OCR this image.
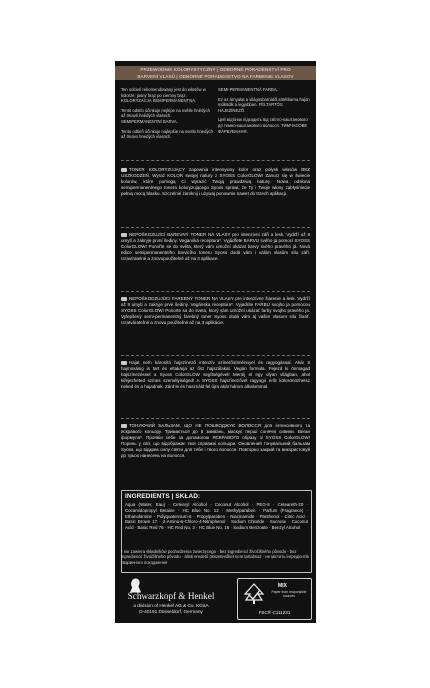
PRZEWODNIK KOLORYSTYCZNY | ODBORNÉ PORADENSTVÍ PRO
BARVENÍ VLASŮ | ODBORNÉ PORADENSTVO NA FARBENIE VLASOV

Ten odcień rekomendowany jest do włosów w kolorze: jasny brąz po ciemny brąz. KOLORYZACJA SEMIPERMANENTNA.

Tento odstín účinkuje nejlépe na světle hnědých až tmavě hnědých vlasech. SEMIPERMANENTNÍ BARVA.

Tento odtieň účinkuje najlepšie na svetlo hnedých až tmavo hnedých vlasoch.

SEMI-PERMANENTNÁ FARBA.

Ez az árnyalat a világosbarnától sötétbarna hajon működik a legjobban. FÉLTARTÓS HAJSZÍNEZŐ.

Цей відтінок підходить від світло-каштанового до темно-каштанового волосся. ТИМЧАСОВЕ ФАРБУВАННЯ.

TONER KOLORYZUJĄCY zapewnia intensywny kolor oraz połysk włosów BEZ USZKODZEŃ. Wyraź KOLOR swojej natury z SYOSS ColorGLOW! Zanurz się w świecie kolorów, które pomogą Ci wyrazić Twoją prawdziwą naturę. Nowa odsłona semipermanentnego tonera koloryzującego Syoss sprawi, że Ty i Twoje włosy zabłyśniecie pełnią mocą blasku. Szczelnie zamknij i używaj ponownie nawet do trzech aplikacji.
NEPOŠKOZUJÍCÍ BAREVNÝ TONER NA VLASY pro intenzivní záři a lesk. Vydrží až 8 umytí a zakryje první šediny. Veganská receptura*. Vyjádřete BARVU svého já pomocí SYOSS ColorGLOW! Ponořte se do světa, který vám umožní ukázat barvy svého pravého já. Nová edice semipermanentního barvicího toneru Syoss dodá vám i vašim vlasům sílu září. Uzavíratelné a znovupoužitelné až na 3 aplikace.
NEPOŠKODZUJÚCI FAREBNÝ TONER NA VLASY pre intenzívne žiarenie a lesk. Vydrží až 8 umytí a zakryje prvé šediny. Vegánska receptúra*. Vyjadrite FARBU svojho ja pomocou SYOSS ColorGLOW! Ponorte sa do sveta, ktorý vám umožní ukázať farby svojho pravého ja. Vylepšený semi-permanentný farebný toner Syoss dodá vám aj vašim vlasom silu žiariť. Uzatvárateľné a znovu použiteľné až na 3 aplikácie.
Hajat nem károsító hajszínező intenzív színerősítménnyel és ragyogással. Akár 8 hajmosásig is tart és eltakarja az ősz hajszálakat. Vegán formula. Fejezd ki önmagad hajszínezéssel a Syoss ColorGLOW segítségével! Merülj el egy olyan világban, ahol kifejezheted színes személyiséged! A SYOSS hajszínezővel ragyogó erőt kölcsönözhetsz neked és a hajadnak. Zárd le és használd fel újra akár három alkalommal.
ТОНУЮЧИЙ БАЛЬЗАМ, ЩО НЕ ПОШКОДЖУЄ ВОЛОССЯ для інтенсивного та яскравого кольору. Тримається до 8 змивань, маскує перші сонячні сивини. Веган формула*. Проявіи себе за допомогою ЯСКРАВОГО образу зі SYOSS ColorGLOW! Поринь у світ, що відображає твої справжні кольори. Оновлений тонувальний бальзам Syoss, що відкриє силу сяяти для тебе і твого волосся. Повторно закрий та використовуй до трьох нанесень на волосся.
INGREDIENTS | SKŁAD:
Aqua (Water, Eau) · Cetearyl Alcohol · Coconut Alcohol · PEG-8 · Ceteareth-20 · Cocamidopropyl Betaine · HC Blue No. 12 · Methylparaben · Parfum (Fragrance) · Ethanolamine · Polyquaternium-6 · Propylparaben · Niacinamide · Panthenol · Citric Acid · Basic Brown 17 · 2-Amino-6-Chloro-4-Nitrophenol · Sodium Chloride · Sucrose · Coconut Acid · Basic Red 76 · HC Red No. 3 · HC Blue No. 16 · Sodium Benzoate · Benzyl Alcohol
* nie zawiera składników pochodzenia zwierzęcego · bez ingrediencí živočišného původu · bez ingrediencií živočíšneho pôvodu · állati eredetű összetevőket nem tartalmaz · не містить інгредієнтів тваринного походження
Schwarzkopf & Henkel
a division of Henkel AG & Co. KGaA
D-40191 Düsseldorf, Germany
MIX
Paper from responsible sources
FSC® C111231
